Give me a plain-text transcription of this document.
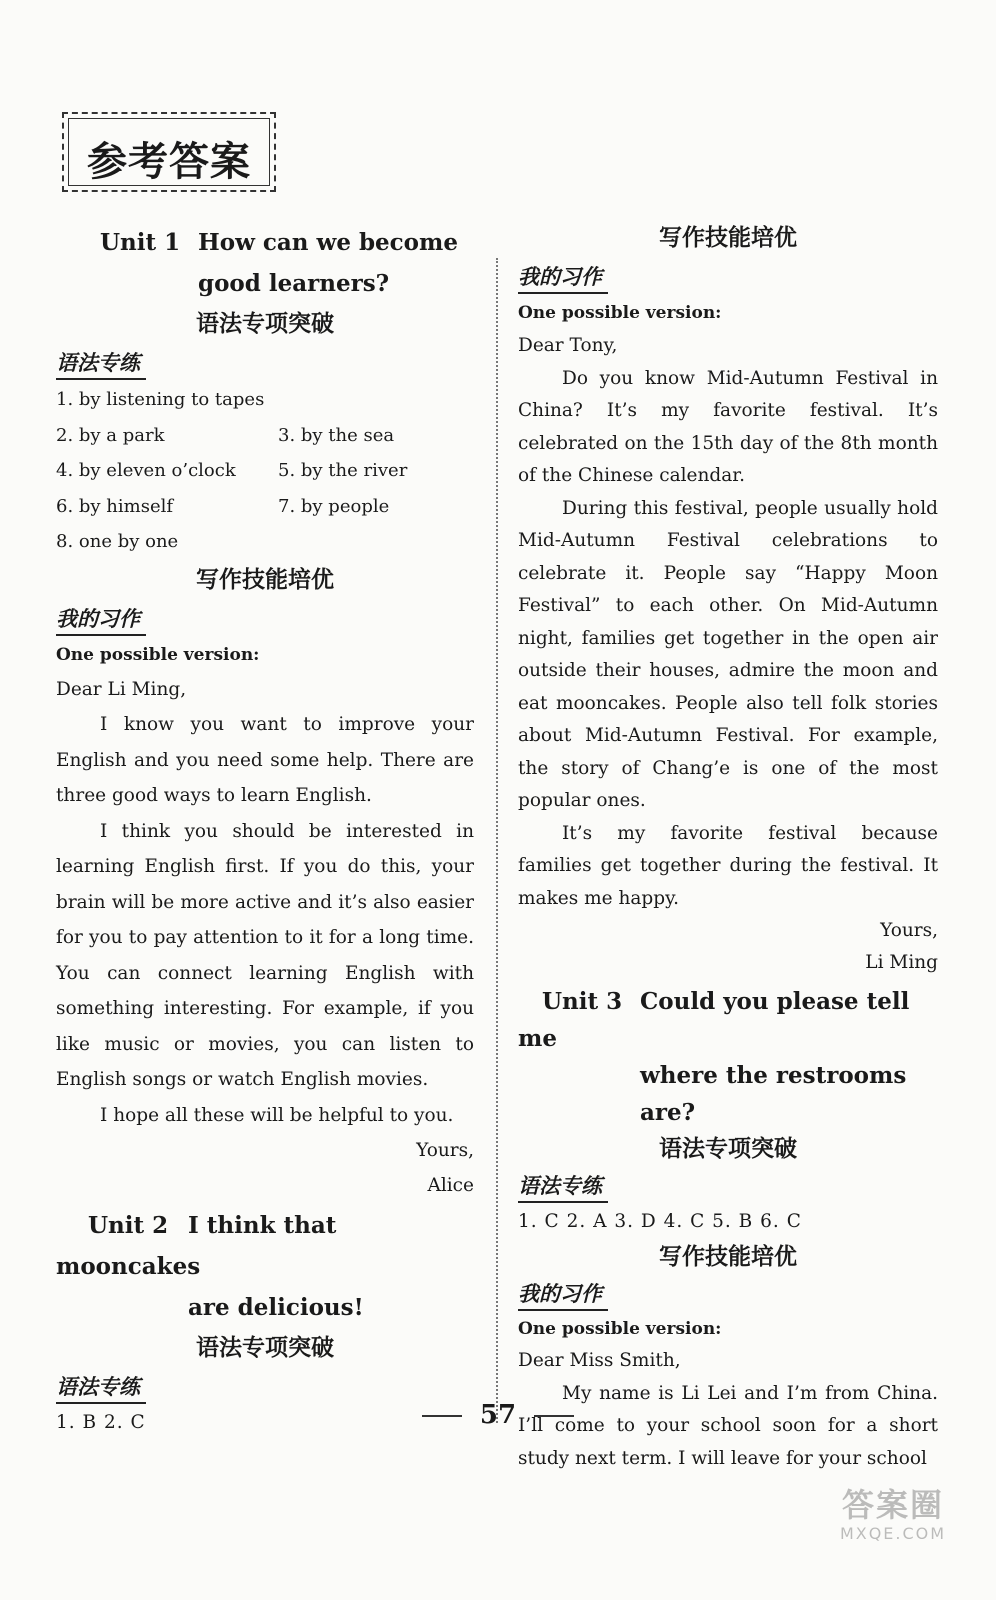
参考答案
Unit 1 How can we become
good learners?
语法专项突破
语法专练
1. by listening to tapes
2. by a park	3. by the sea
4. by eleven o’clock 5. by the river
6. by himself	7. by people
8. one by one
写作技能培优
我的习作
One possible version:
Dear Li Ming,
I know you want to improve your English and you need some help. There are three good ways to learn English.
I think you should be interested in learning English first. If you do this, your brain will be more active and it’s also easier for you to pay attention to it for a long time. You can connect learning English with something interesting. For example, if you like music or movies, you can listen to English songs or watch English movies.
I hope all these will be helpful to you.
Yours,
Alice
Unit 2 I think that mooncakes
are delicious!
语法专项突破
语法专练
1. B 2. C
写作技能培优
我的习作
One possible version:
Dear Tony,
Do you know Mid-Autumn Festival in China? It’s my favorite festival. It’s celebrated on the 15th day of the 8th month of the Chinese calendar.
During this festival, people usually hold Mid-Autumn Festival celebrations to celebrate it. People say “Happy Moon Festival” to each other. On Mid-Autumn night, families get together in the open air outside their houses, admire the moon and eat mooncakes. People also tell folk stories about Mid-Autumn Festival. For example, the story of Chang’e is one of the most popular ones.
It’s my favorite festival because families get together during the festival. It makes me happy.
Yours,
Li Ming
Unit 3 Could you please tell me
where the restrooms are?
语法专项突破
语法专练
1. C 2. A 3. D 4. C 5. B 6. C
写作技能培优
我的习作
One possible version:
Dear Miss Smith,
My name is Li Lei and I’m from China. I’ll come to your school soon for a short study next term. I will leave for your school
57
答案圈
MXQE.COM
